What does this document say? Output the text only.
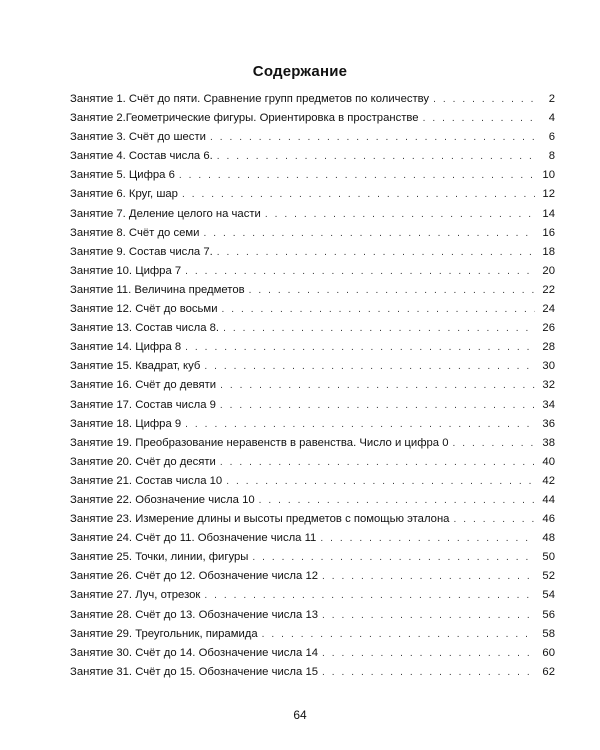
Содержание
Занятие 1. Счёт до пяти. Сравнение групп предметов по количеству . . .	2
Занятие 2.Геометрические фигуры. Ориентировка в пространстве . . .	4
Занятие 3. Счёт до шести . . .	6
Занятие 4. Состав числа 6. . . .	8
Занятие 5. Цифра 6 . . .	10
Занятие 6. Круг, шар . . .	12
Занятие 7. Деление целого на части . . .	14
Занятие 8. Счёт до семи . . .	16
Занятие 9. Состав числа 7. . . .	18
Занятие 10. Цифра 7 . . .	20
Занятие 11. Величина предметов . . .	22
Занятие 12. Счёт до восьми . . .	24
Занятие 13. Состав числа 8. . . .	26
Занятие 14. Цифра 8 . . .	28
Занятие 15. Квадрат, куб . . .	30
Занятие 16. Счёт до девяти . . .	32
Занятие 17. Состав числа 9 . . .	34
Занятие 18. Цифра 9 . . .	36
Занятие 19. Преобразование неравенств в равенства. Число и цифра 0 . . .	38
Занятие 20. Счёт до десяти . . .	40
Занятие 21. Состав числа 10 . . .	42
Занятие 22. Обозначение числа 10 . . .	44
Занятие 23. Измерение длины и высоты предметов с помощью эталона . . .	46
Занятие 24. Счёт до 11. Обозначение числа 11 . . .	48
Занятие 25. Точки, линии, фигуры . . .	50
Занятие 26. Счёт до 12. Обозначение числа 12 . . .	52
Занятие 27. Луч, отрезок . . .	54
Занятие 28. Счёт до 13. Обозначение числа 13 . . .	56
Занятие 29. Треугольник, пирамида . . .	58
Занятие 30. Счёт до 14. Обозначение числа 14 . . .	60
Занятие 31. Счёт до 15. Обозначение числа 15 . . .	62
64
